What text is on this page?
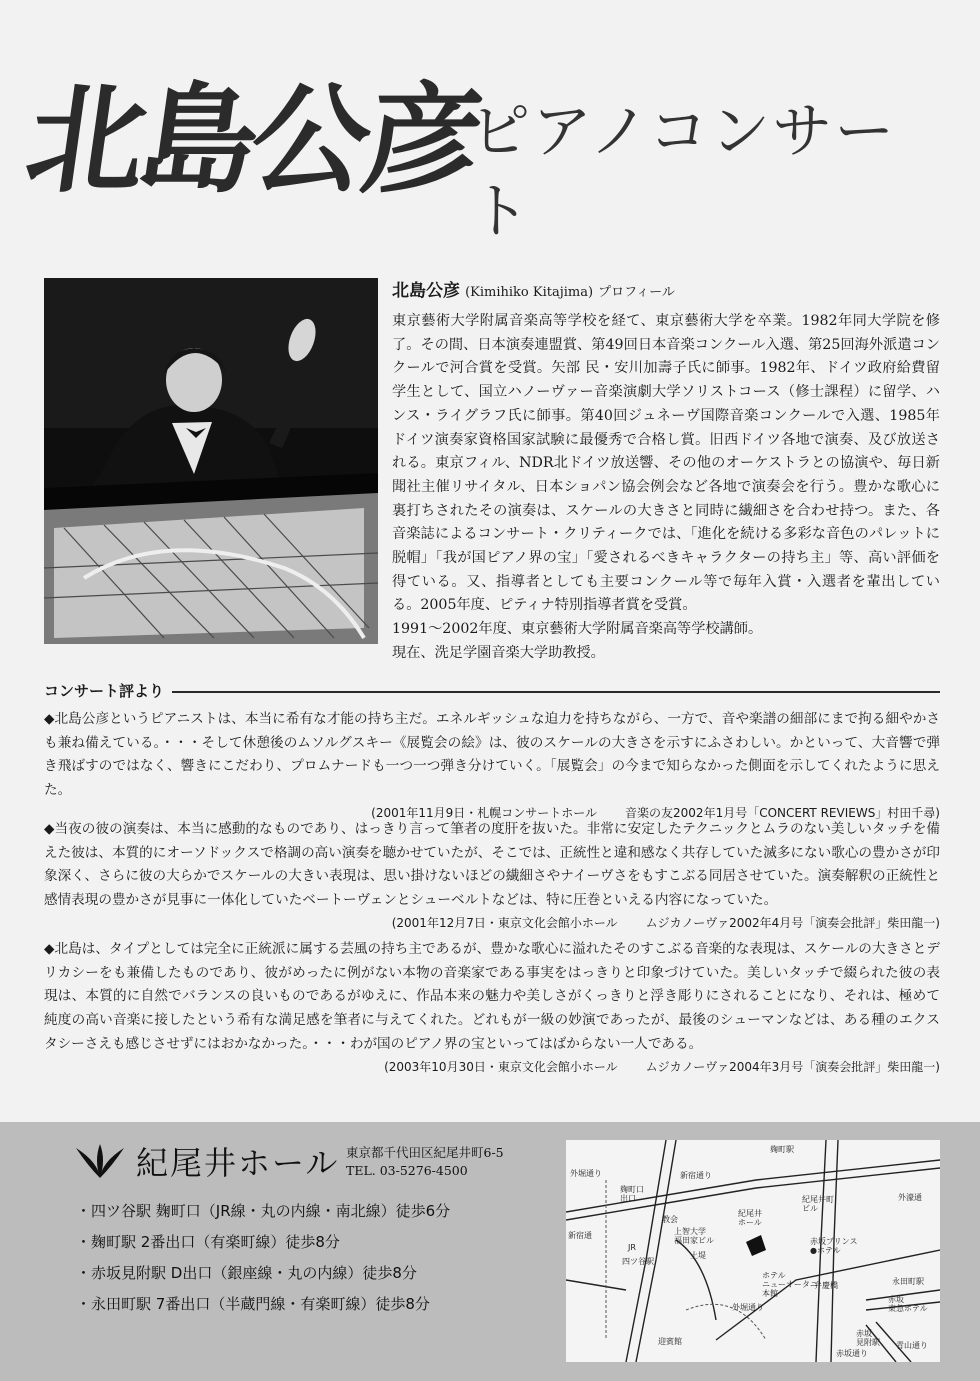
北島公彦
ピアノコンサート
北島公彦 (Kimihiko Kitajima) プロフィール

東京藝術大学附属音楽高等学校を経て、東京藝術大学を卒業。1982年同大学院を修了。その間、日本演奏連盟賞、第49回日本音楽コンクール入選、第25回海外派遣コンクールで河合賞を受賞。矢部 民・安川加壽子氏に師事。1982年、ドイツ政府給費留学生として、国立ハノーヴァー音楽演劇大学ソリストコース（修士課程）に留学、ハンス・ライグラフ氏に師事。第40回ジュネーヴ国際音楽コンクールで入選、1985年ドイツ演奏家資格国家試験に最優秀で合格し賞。旧西ドイツ各地で演奏、及び放送される。東京フィル、NDR北ドイツ放送響、その他のオーケストラとの協演や、毎日新聞社主催リサイタル、日本ショパン協会例会など各地で演奏会を行う。豊かな歌心に裏打ちされたその演奏は、スケールの大きさと同時に繊細さを合わせ持つ。また、各音楽誌によるコンサート・クリティークでは、「進化を続ける多彩な音色のパレットに脱帽」「我が国ピアノ界の宝」「愛されるべきキャラクターの持ち主」等、高い評価を得ている。又、指導者としても主要コンクール等で毎年入賞・入選者を輩出している。2005年度、ピティナ特別指導者賞を受賞。

1991～2002年度、東京藝術大学附属音楽高等学校講師。

現在、洗足学園音楽大学助教授。

コンサート評より

◆北島公彦というピアニストは、本当に希有な才能の持ち主だ。エネルギッシュな迫力を持ちながら、一方で、音や楽譜の細部にまで拘る細やかさも兼ね備えている。・・・そして休憩後のムソルグスキー《展覧会の絵》は、彼のスケールの大きさを示すにふさわしい。かといって、大音響で弾き飛ばすのではなく、響きにこだわり、プロムナードも一つ一つ弾き分けていく。「展覧会」の今まで知らなかった側面を示してくれたように思えた。

(2001年11月9日・札幌コンサートホール 音楽の友2002年1月号「CONCERT REVIEWS」村田千尋)

◆当夜の彼の演奏は、本当に感動的なものであり、はっきり言って筆者の度肝を抜いた。非常に安定したテクニックとムラのない美しいタッチを備えた彼は、本質的にオーソドックスで格調の高い演奏を聴かせていたが、そこでは、正統性と違和感なく共存していた滅多にない歌心の豊かさが印象深く、さらに彼の大らかでスケールの大きい表現は、思い掛けないほどの繊細さやナイーヴさをもすこぶる同居させていた。演奏解釈の正統性と感情表現の豊かさが見事に一体化していたベートーヴェンとシューベルトなどは、特に圧巻といえる内容になっていた。

(2001年12月7日・東京文化会館小ホール ムジカノーヴァ2002年4月号「演奏会批評」柴田龍一)

◆北島は、タイプとしては完全に正統派に属する芸風の持ち主であるが、豊かな歌心に溢れたそのすこぶる音楽的な表現は、スケールの大きさとデリカシーをも兼備したものであり、彼がめったに例がない本物の音楽家である事実をはっきりと印象づけていた。美しいタッチで綴られた彼の表現は、本質的に自然でバランスの良いものであるがゆえに、作品本来の魅力や美しさがくっきりと浮き彫りにされることになり、それは、極めて純度の高い音楽に接したという希有な満足感を筆者に与えてくれた。どれもが一級の妙演であったが、最後のシューマンなどは、ある種のエクスタシーさえも感じさせずにはおかなかった。・・・わが国のピアノ界の宝といってはばからない一人である。

(2003年10月30日・東京文化会館小ホール ムジカノーヴァ2004年3月号「演奏会批評」柴田龍一)
紀尾井ホール 東京都千代田区紀尾井町6-5
TEL. 03-5276-4500
・ 四ツ谷駅 麹町口（JR線・丸の内線・南北線）徒歩6分
・ 麹町駅 2番出口（有楽町線）徒歩8分
・ 赤坂見附駅 D出口（銀座線・丸の内線）徒歩8分
・ 永田町駅 7番出口（半蔵門線・有楽町線）徒歩8分
新宿通り
麹町口出口
麹町駅
教会
上智大学福田家ビル
紀尾井ホール
紀尾井町ビル
JR
四ツ谷駅
土堤
赤坂プリンス●ホテル
ホテルニューオータニ本館
弁慶橋
外堀通り
迎賓館
赤坂見附駅
永田町駅
赤坂東急ホテル
新宿通
青山通り
赤坂通り
外堀通り
外濠通
